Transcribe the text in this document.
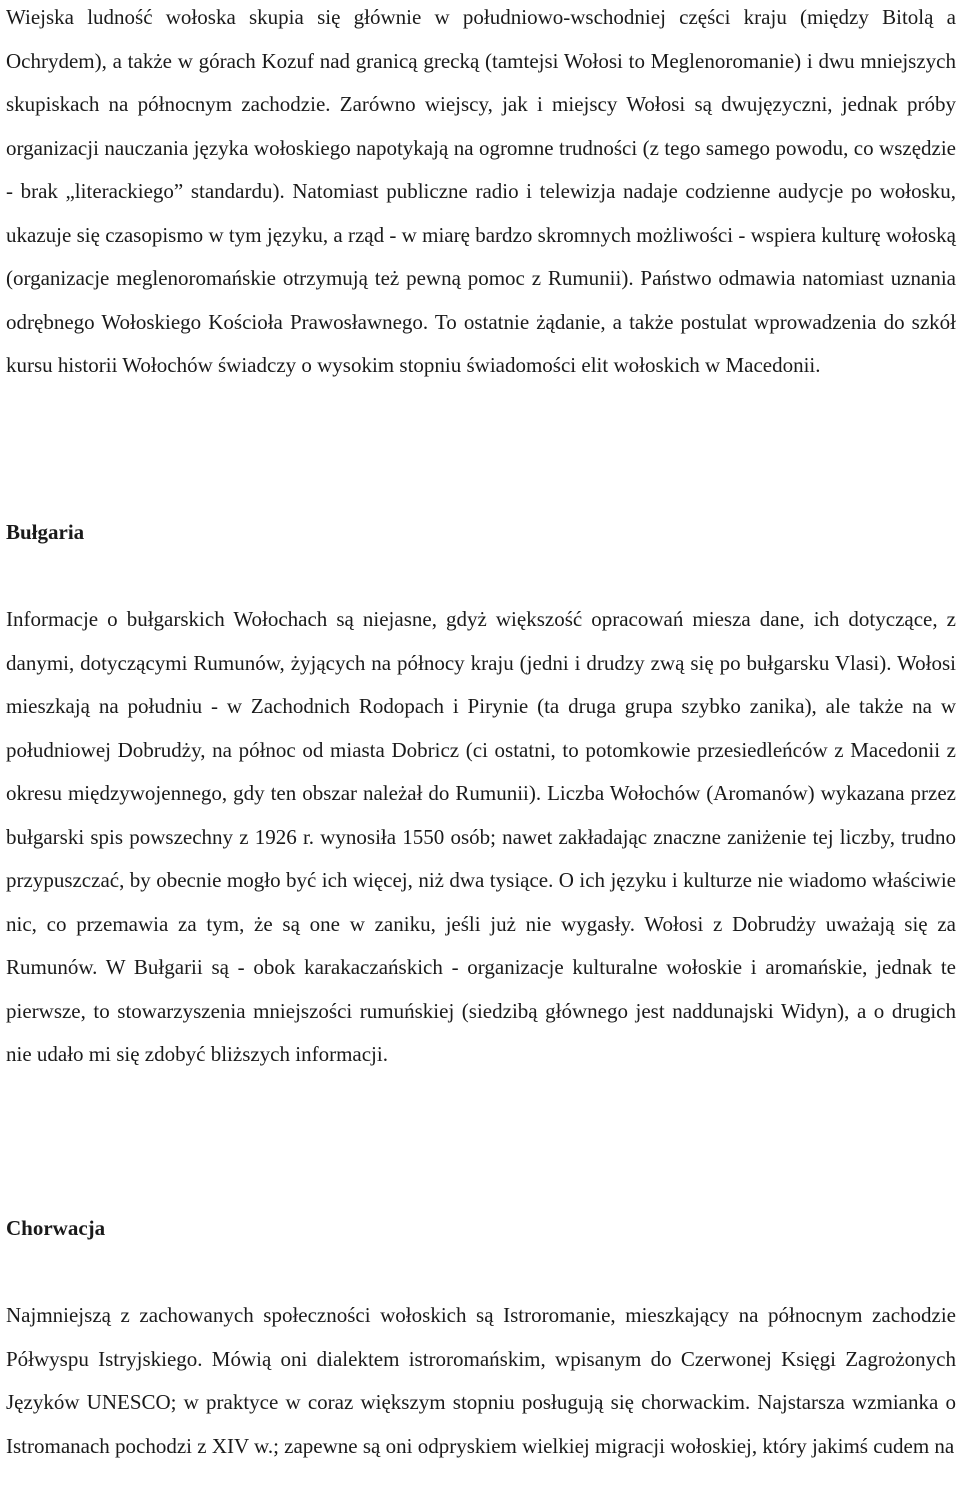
Wiejska ludność wołoska skupia się głównie w południowo-wschodniej części kraju (między Bitolą a Ochrydem), a także w górach Kozuf nad granicą grecką (tamtejsi Wołosi to Meglenoromanie) i dwu mniejszych skupiskach na północnym zachodzie. Zarówno wiejscy, jak i miejscy Wołosi są dwujęzyczni, jednak próby organizacji nauczania języka wołoskiego napotykają na ogromne trudności (z tego samego powodu, co wszędzie - brak „literackiego” standardu). Natomiast publiczne radio i telewizja nadaje codzienne audycje po wołosku, ukazuje się czasopismo w tym języku, a rząd - w miarę bardzo skromnych możliwości - wspiera kulturę wołoską (organizacje meglenoromańskie otrzymują też pewną pomoc z Rumunii). Państwo odmawia natomiast uznania odrębnego Wołoskiego Kościoła Prawosławnego. To ostatnie żądanie, a także postulat wprowadzenia do szkół kursu historii Wołochów świadczy o wysokim stopniu świadomości elit wołoskich w Macedonii.

Bułgaria

Informacje o bułgarskich Wołochach są niejasne, gdyż większość opracowań miesza dane, ich dotyczące, z danymi, dotyczącymi Rumunów, żyjących na północy kraju (jedni i drudzy zwą się po bułgarsku Vlasi). Wołosi mieszkają na południu - w Zachodnich Rodopach i Pirynie (ta druga grupa szybko zanika), ale także na w południowej Dobrudży, na północ od miasta Dobricz (ci ostatni, to potomkowie przesiedleńców z Macedonii z okresu międzywojennego, gdy ten obszar należał do Rumunii). Liczba Wołochów (Aromanów) wykazana przez bułgarski spis powszechny z 1926 r. wynosiła 1550 osób; nawet zakładając znaczne zaniżenie tej liczby, trudno przypuszczać, by obecnie mogło być ich więcej, niż dwa tysiące. O ich języku i kulturze nie wiadomo właściwie nic, co przemawia za tym, że są one w zaniku, jeśli już nie wygasły. Wołosi z Dobrudży uważają się za Rumunów. W Bułgarii są - obok karakaczańskich - organizacje kulturalne wołoskie i aromańskie, jednak te pierwsze, to stowarzyszenia mniejszości rumuńskiej (siedzibą głównego jest naddunajski Widyn), a o drugich nie udało mi się zdobyć bliższych informacji.

Chorwacja

Najmniejszą z zachowanych społeczności wołoskich są Istroromanie, mieszkający na północnym zachodzie Półwyspu Istryjskiego. Mówią oni dialektem istroromańskim, wpisanym do Czerwonej Księgi Zagrożonych Języków UNESCO; w praktyce w coraz większym stopniu posługują się chorwackim. Najstarsza wzmianka o Istromanach pochodzi z XIV w.; zapewne są oni odpryskiem wielkiej migracji wołoskiej, który jakimś cudem na
